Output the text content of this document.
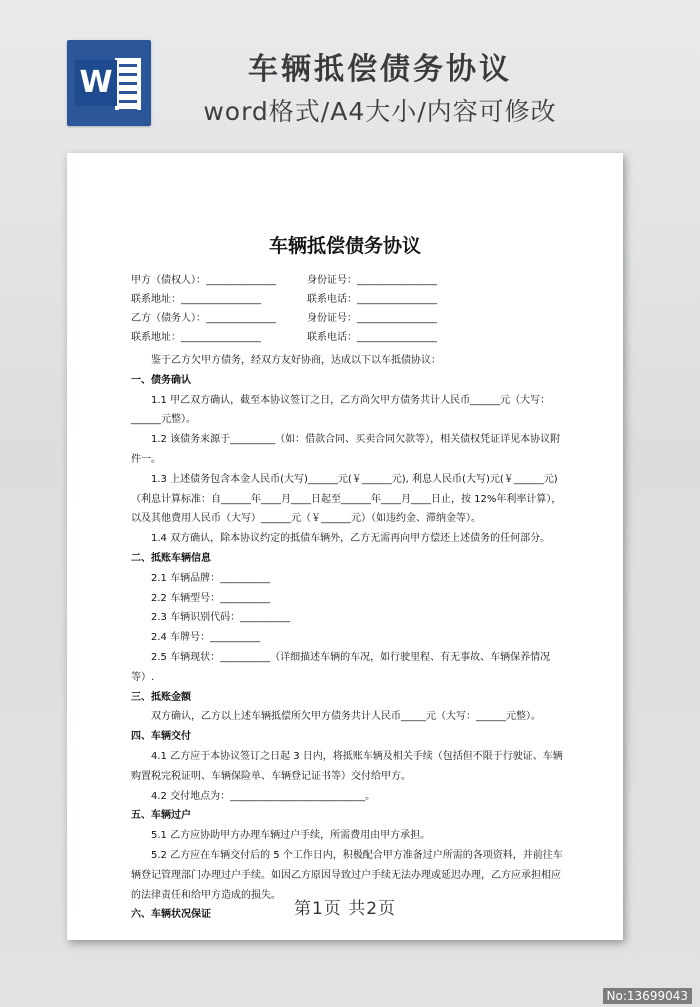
W	车辆抵偿债务协议
word格式/A4大小/内容可修改
车辆抵偿债务协议
甲方（债权人）：______________	身份证号：________________
联系地址：________________	联系电话：________________
乙方（债务人）：______________	身份证号：________________
联系地址：________________	联系电话：________________

鉴于乙方欠甲方债务，经双方友好协商，达成以下以车抵债协议：

一、债务确认

1.1 甲乙双方确认，截至本协议签订之日，乙方尚欠甲方债务共计人民币______元（大写：______元整）。

1.2 该债务来源于_________（如：借款合同、买卖合同欠款等），相关债权凭证详见本协议附件一。

1.3 上述债务包含本金人民币(大写)______元(￥______元), 利息人民币(大写)元(￥______元)（利息计算标准：自______年____月____日起至______年____月____日止，按 12%年利率计算），以及其他费用人民币（大写）______元（￥______元）（如违约金、滞纳金等）。

1.4 双方确认，除本协议约定的抵债车辆外，乙方无需再向甲方偿还上述债务的任何部分。

二、抵账车辆信息

2.1 车辆品牌：__________

2.2 车辆型号：__________

2.3 车辆识别代码：__________

2.4 车牌号：__________

2.5 车辆现状：__________（详细描述车辆的车况，如行驶里程、有无事故、车辆保养情况等）.

三、抵账金额

双方确认，乙方以上述车辆抵偿所欠甲方债务共计人民币_____元（大写：______元整）。

四、车辆交付

4.1 乙方应于本协议签订之日起 3 日内，将抵账车辆及相关手续（包括但不限于行驶证、车辆购置税完税证明、车辆保险单、车辆登记证书等）交付给甲方。

4.2 交付地点为：___________________________。

五、车辆过户

5.1 乙方应协助甲方办理车辆过户手续，所需费用由甲方承担。

5.2 乙方应在车辆交付后的 5 个工作日内，积极配合甲方准备过户所需的各项资料，并前往车辆登记管理部门办理过户手续。如因乙方原因导致过户手续无法办理或延迟办理，乙方应承担相应的法律责任和给甲方造成的损失。

六、车辆状况保证	第1页 共2页
No:13699043
